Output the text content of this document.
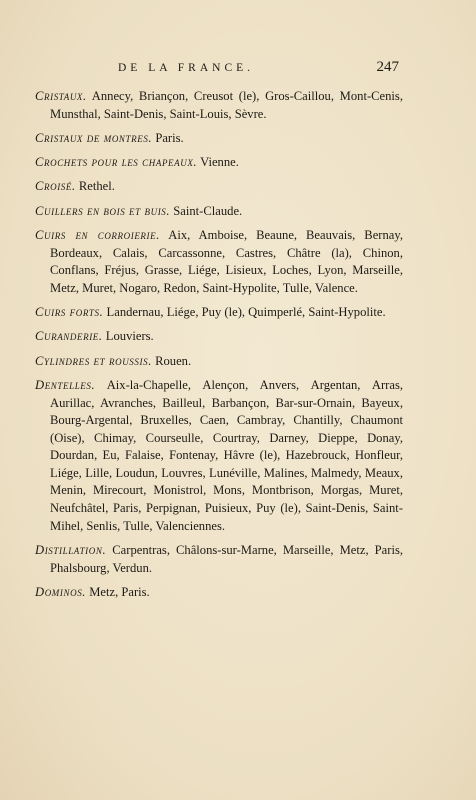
DE LA FRANCE.	247

Cristaux. Annecy, Briançon, Creusot (le), Gros-Caillou, Mont-Cenis, Munsthal, Saint-Denis, Saint-Louis, Sèvre.

Cristaux de montres. Paris.

Crochets pour les chapeaux. Vienne.

Croisé. Rethel.

Cuillers en bois et buis. Saint-Claude.

Cuirs en corroierie. Aix, Amboise, Beaune, Beauvais, Bernay, Bordeaux, Calais, Carcassonne, Castres, Châtre (la), Chinon, Conflans, Fréjus, Grasse, Liége, Lisieux, Loches, Lyon, Marseille, Metz, Muret, Nogaro, Redon, Saint-Hypolite, Tulle, Valence.

Cuirs forts. Landernau, Liége, Puy (le), Quimperlé, Saint-Hypolite.

Curanderie. Louviers.

Cylindres et roussis. Rouen.

Dentelles. Aix-la-Chapelle, Alençon, Anvers, Argentan, Arras, Aurillac, Avranches, Bailleul, Barbançon, Bar-sur-Ornain, Bayeux, Bourg-Argental, Bruxelles, Caen, Cambray, Chantilly, Chaumont (Oise), Chimay, Courseulle, Courtray, Darney, Dieppe, Donay, Dourdan, Eu, Falaise, Fontenay, Hâvre (le), Hazebrouck, Honfleur, Liége, Lille, Loudun, Louvres, Lunéville, Malines, Malmedy, Meaux, Menin, Mirecourt, Monistrol, Mons, Montbrison, Morgas, Muret, Neufchâtel, Paris, Perpignan, Puisieux, Puy (le), Saint-Denis, Saint-Mihel, Senlis, Tulle, Valenciennes.

Distillation. Carpentras, Châlons-sur-Marne, Marseille, Metz, Paris, Phalsbourg, Verdun.

Dominos. Metz, Paris.
